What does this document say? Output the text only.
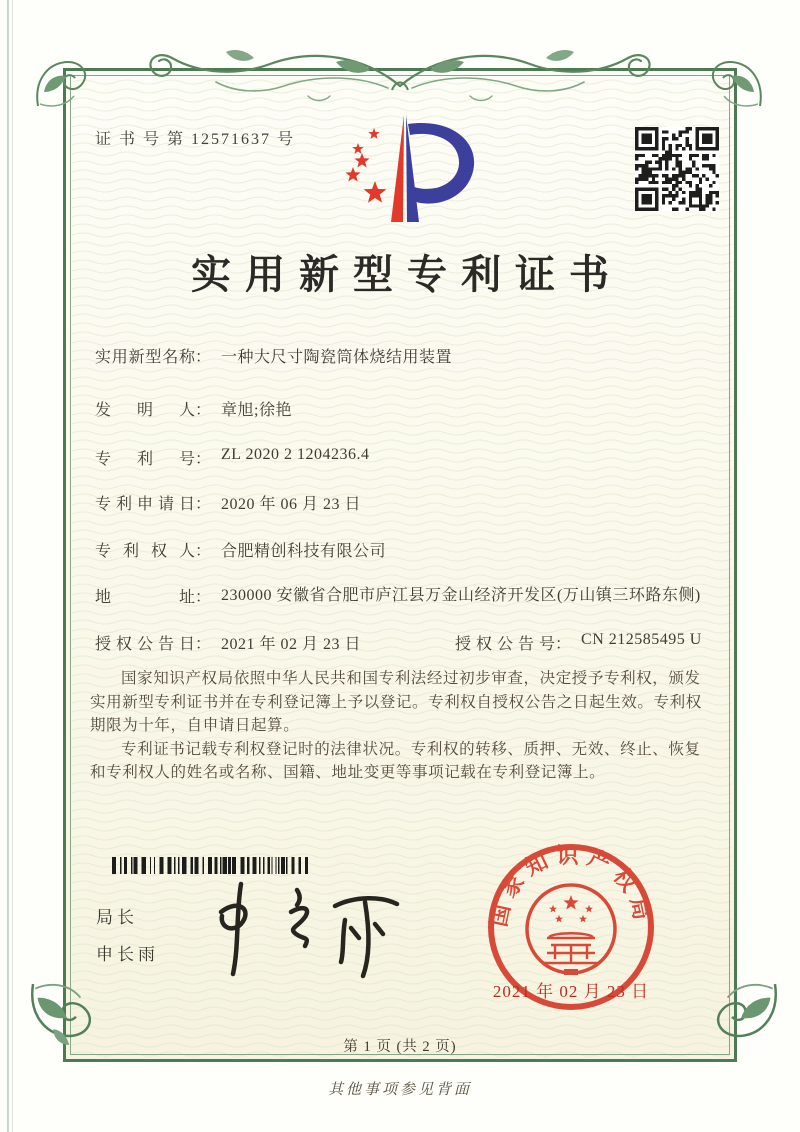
证 书 号 第 12571637 号
实用新型专利证书
实用新型名称： 一种大尺寸陶瓷筒体烧结用装置
发明人： 章旭;徐艳
专利号： ZL 2020 2 1204236.4
专利申请日： 2020 年 06 月 23 日
专利权人： 合肥精创科技有限公司
地址： 230000 安徽省合肥市庐江县万金山经济开发区(万山镇三环路东侧)
授权公告日： 2021 年 02 月 23 日	授权公告号： CN 212585495 U

国家知识产权局依照中华人民共和国专利法经过初步审查，决定授予专利权，颁发实用新型专利证书并在专利登记簿上予以登记。专利权自授权公告之日起生效。专利权期限为十年，自申请日起算。

专利证书记载专利权登记时的法律状况。专利权的转移、质押、无效、终止、恢复和专利权人的姓名或名称、国籍、地址变更等事项记载在专利登记簿上。

局长
申长雨
国家知识产权局
2021 年 02 月 23 日
第 1 页 (共 2 页)
其他事项参见背面
